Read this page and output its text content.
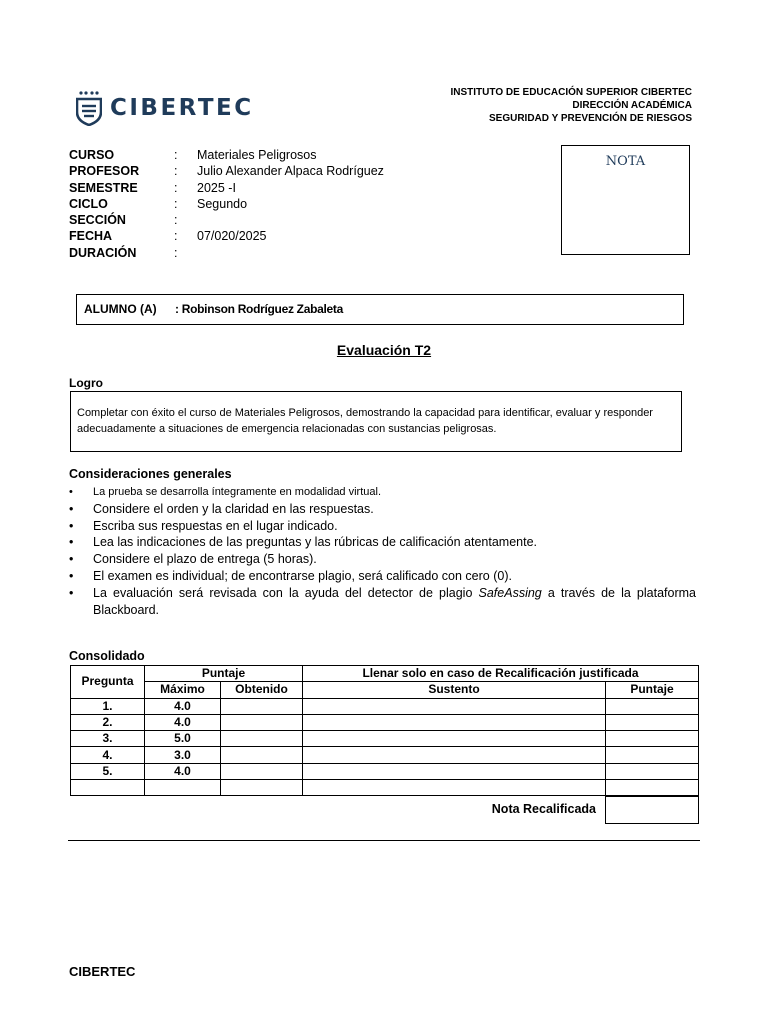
CIBERTEC
INSTITUTO DE EDUCACIÓN SUPERIOR CIBERTEC
DIRECCIÓN ACADÉMICA
SEGURIDAD Y PREVENCIÓN DE RIESGOS
CURSO	:	Materiales Peligrosos
PROFESOR	:	Julio Alexander Alpaca Rodríguez
SEMESTRE	:	2025 -I
CICLO	:	Segundo
SECCIÓN	:
FECHA	:	07/020/2025
DURACIÓN	:
NOTA
ALUMNO (A) : Robinson Rodríguez Zabaleta
Evaluación T2
Logro
Completar con éxito el curso de Materiales Peligrosos, demostrando la capacidad para identificar, evaluar y responder adecuadamente a situaciones de emergencia relacionadas con sustancias peligrosas.
Consideraciones generales
•	La prueba se desarrolla íntegramente en modalidad virtual.
•	Considere el orden y la claridad en las respuestas.
•	Escriba sus respuestas en el lugar indicado.
•	Lea las indicaciones de las preguntas y las rúbricas de calificación atentamente.
•	Considere el plazo de entrega (5 horas).
•	El examen es individual; de encontrarse plagio, será calificado con cero (0).
•	La evaluación será revisada con la ayuda del detector de plagio SafeAssing a través de la plataforma Blackboard.
Consolidado
Pregunta	Puntaje		Llenar solo en caso de Recalificación justificada	
	Máximo	Obtenido	Sustento	Puntaje
1.	4.0			
2.	4.0			
3.	5.0			
4.	3.0			
5.	4.0			

Nota Recalificada
CIBERTEC
